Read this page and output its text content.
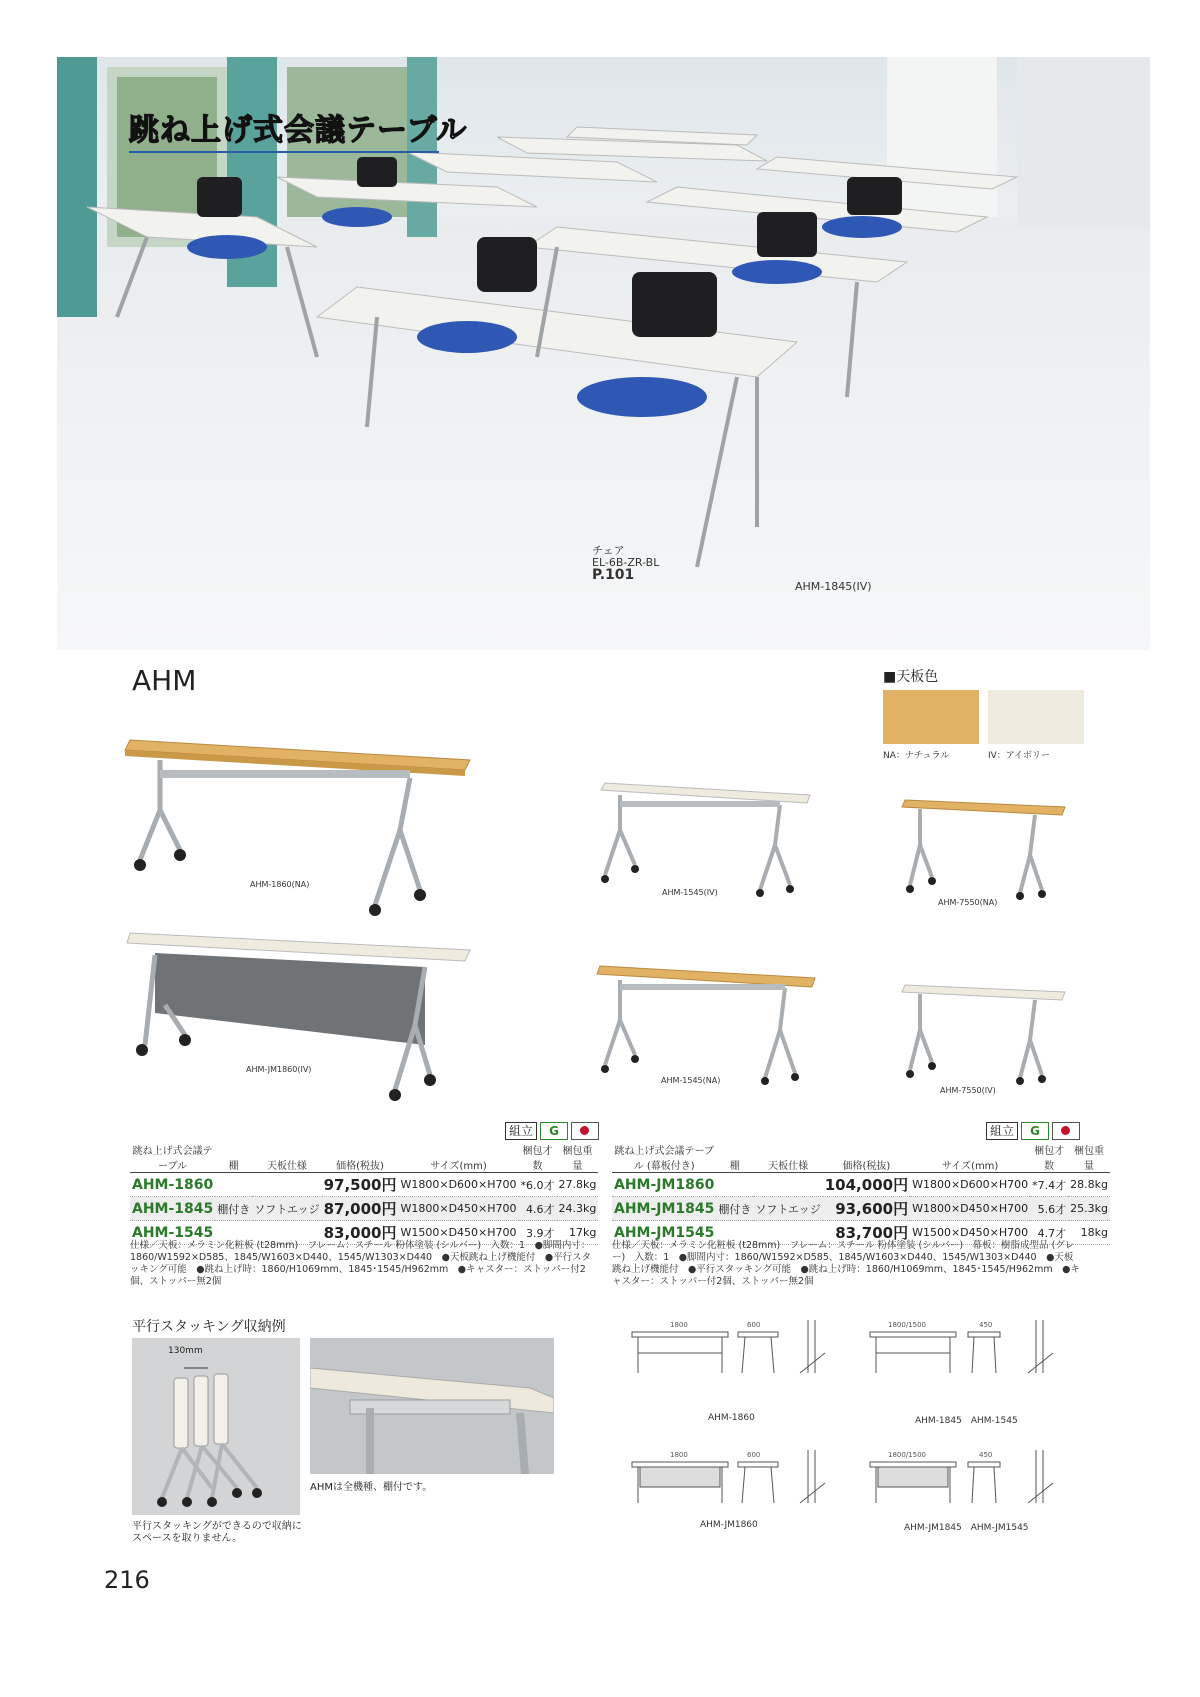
跳ね上げ式会議テーブル
チェア
EL-6B-ZR-BL
P.101
AHM-1845(IV)
AHM	■天板色
NA：ナチュラル	IV：アイボリー
AHM-1860(NA)
AHM-1545(IV)
AHM-7550(NA)
AHM-JM1860(IV)
AHM-1545(NA)
AHM-7550(IV)
組立	G	組立	G
跳ね上げ式会議テーブル	棚	天板仕様	価格(税抜)	サイズ(mm)	梱包才数	梱包重量
AHM-1860			97,500円	W1800×D600×H700	*6.0才	27.8kg
AHM-1845	棚付き	ソフトエッジ	87,000円	W1800×D450×H700	4.6才	24.3kg
AHM-1545			83,000円	W1500×D450×H700	3.9才	17kg
仕様／天板：メラミン化粧板 (t28mm)　フレーム：スチール 粉体塗装 (シルバー)　入数：1　●脚間内寸：1860/W1592×D585、1845/W1603×D440、1545/W1303×D440　●天板跳ね上げ機能付　●平行スタッキング可能　●跳ね上げ時：1860/H1069mm、1845･1545/H962mm　●キャスター：ストッパー付2個、ストッパー無2個
跳ね上げ式会議テーブル (幕板付き)	棚	天板仕様	価格(税抜)	サイズ(mm)	梱包才数	梱包重量
AHM-JM1860			104,000円	W1800×D600×H700	*7.4才	28.8kg
AHM-JM1845	棚付き	ソフトエッジ	93,600円	W1800×D450×H700	5.6才	25.3kg
AHM-JM1545			83,700円	W1500×D450×H700	4.7才	18kg
仕様／天板：メラミン化粧板 (t28mm)　フレーム：スチール 粉体塗装 (シルバー)　幕板：樹脂成型品 (グレー)　入数：1　●脚間内寸：1860/W1592×D585、1845/W1603×D440、1545/W1303×D440　●天板跳ね上げ機能付　●平行スタッキング可能　●跳ね上げ時：1860/H1069mm、1845･1545/H962mm　●キャスター：ストッパー付2個、ストッパー無2個
平行スタッキング収納例
130mm
平行スタッキングができるので収納にスペースを取りません。
AHMは全機種、棚付です。
1800	600
AHM-1860
1800/1500	450
AHM-1845　AHM-1545
1800	600
AHM-JM1860
1800/1500	450
AHM-JM1845　AHM-JM1545
216
